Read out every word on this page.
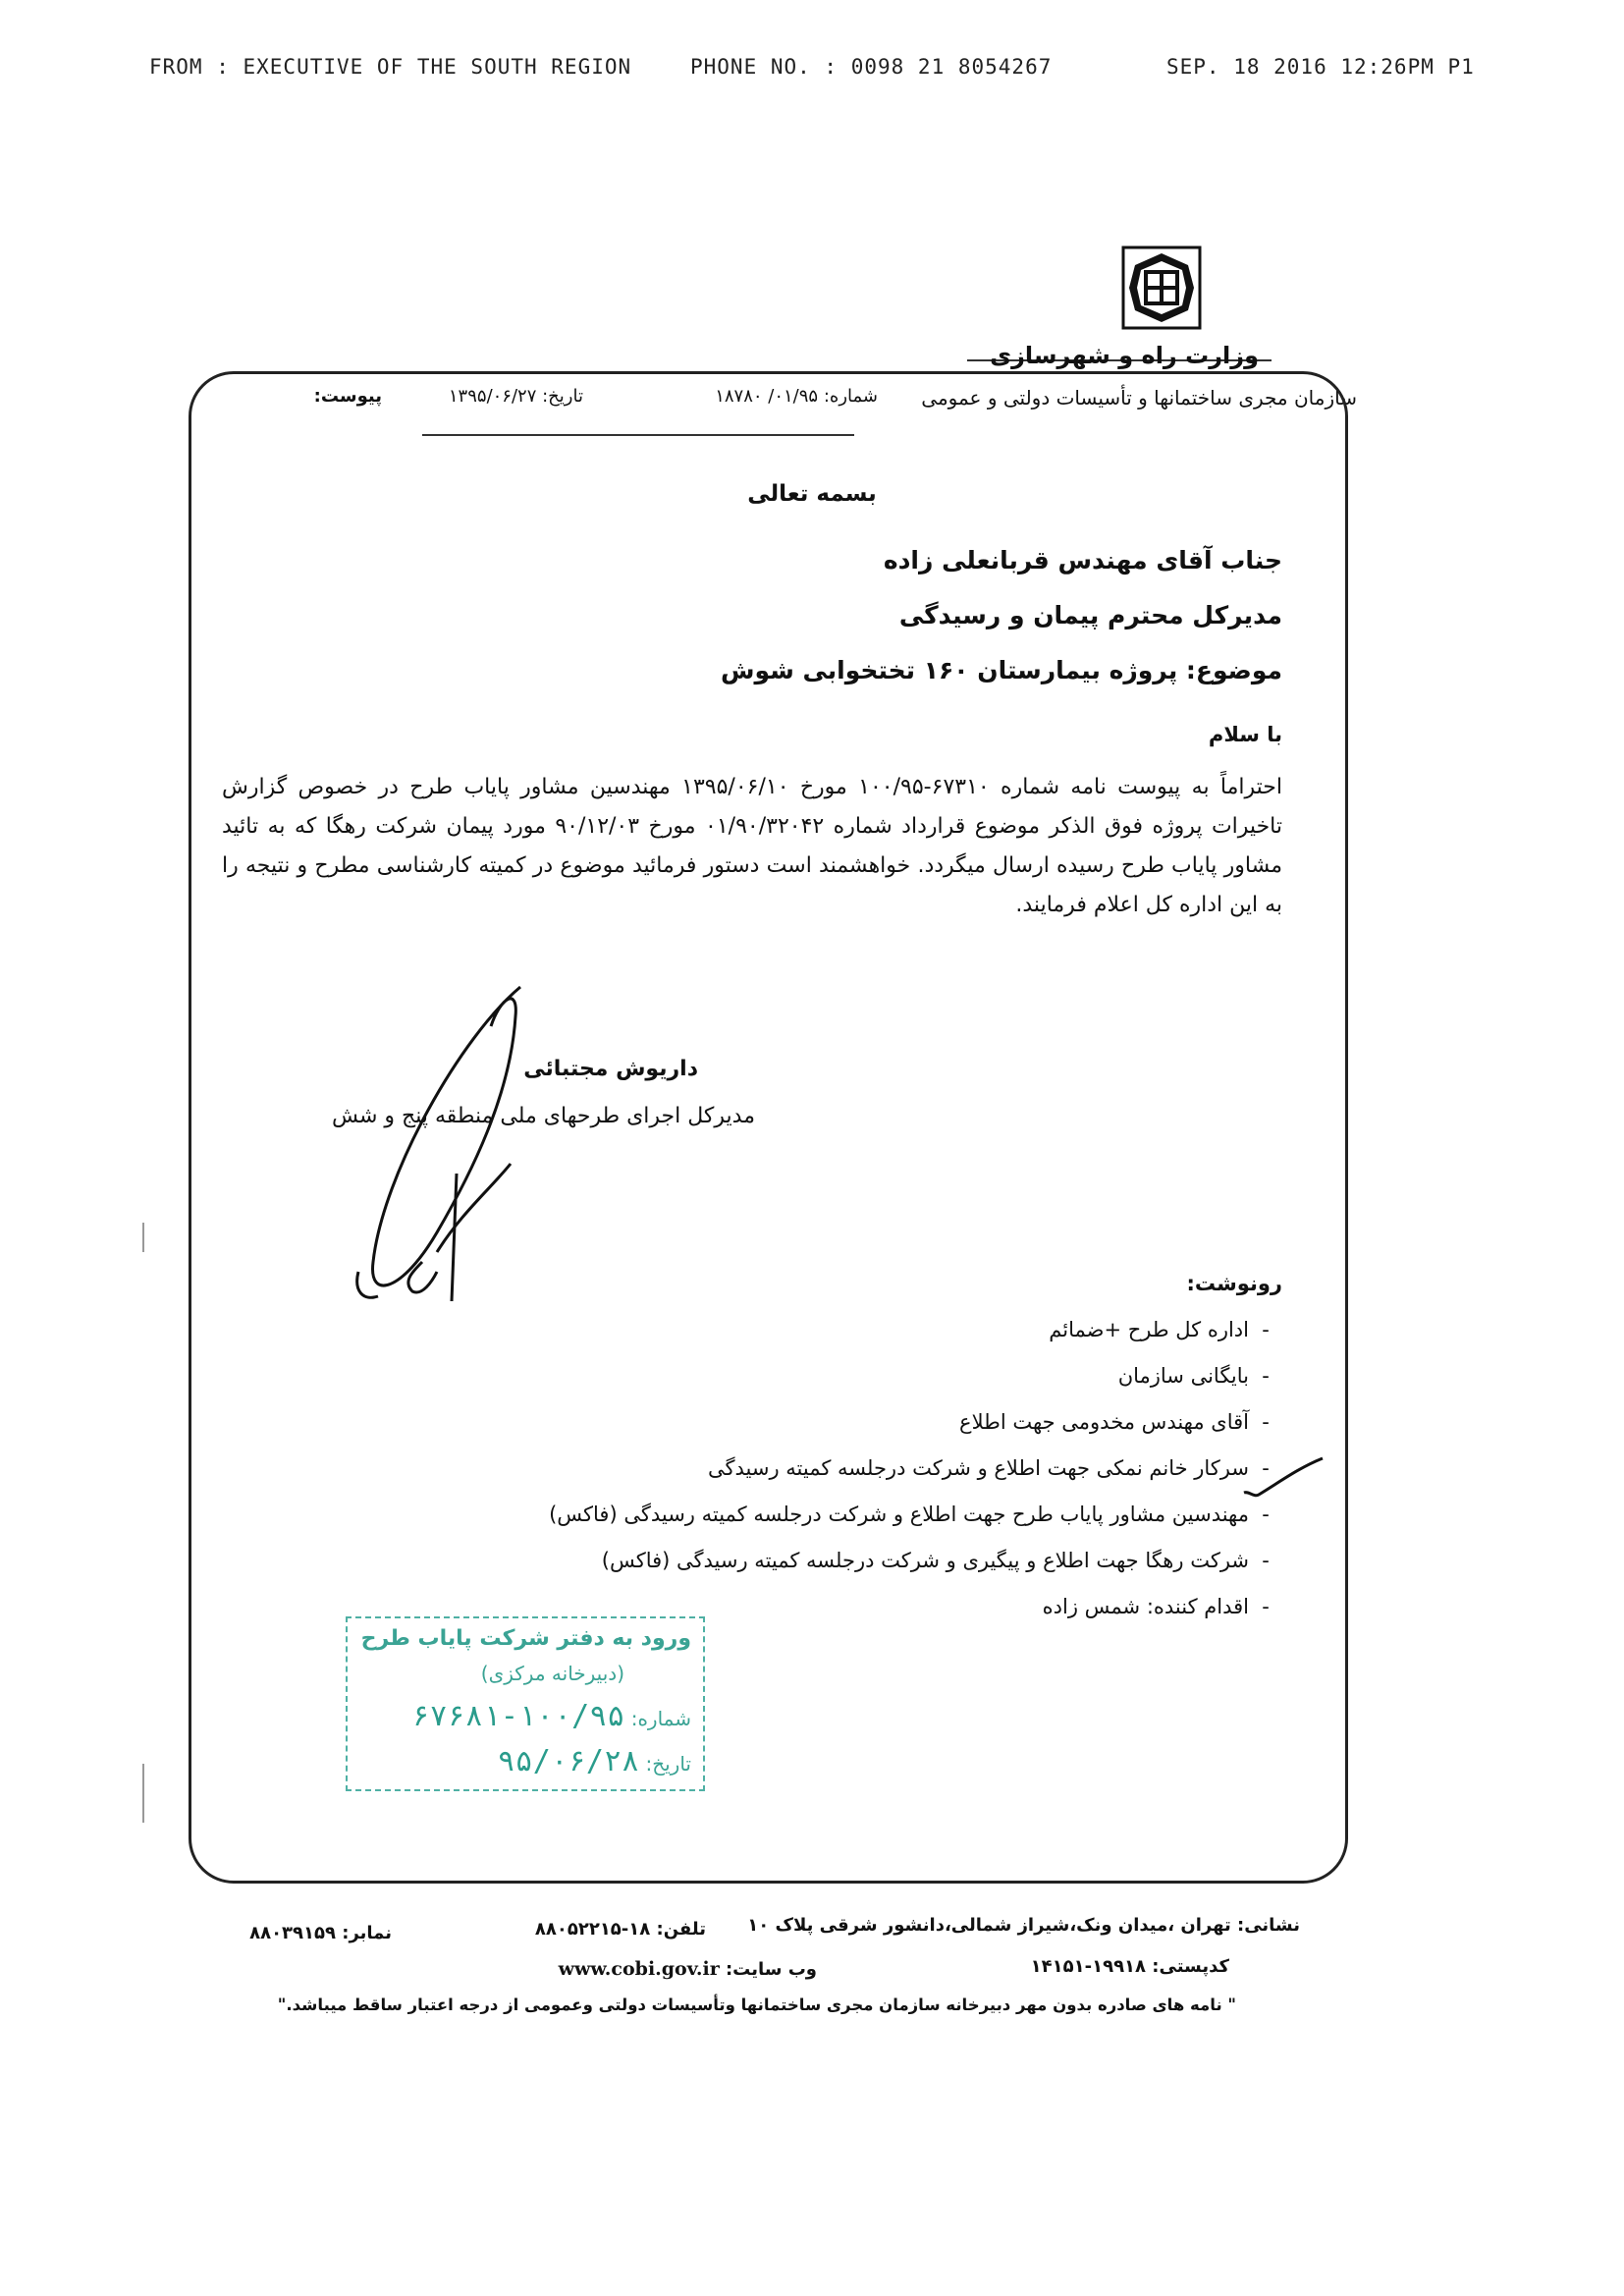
FROM : EXECUTIVE OF THE SOUTH REGION	PHONE NO. : 0098 21 8054267	SEP. 18 2016 12:26PM P1
وزارت راه و شهرسازی
سازمان مجری ساختمانها و تأسیسات دولتی و عمومی
شماره: ۰۱/۹۵/ ۱۸۷۸۰
تاریخ: ۱۳۹۵/۰۶/۲۷
پیوست:
بسمه تعالی
جناب آقای مهندس قربانعلی زاده
مدیرکل محترم پیمان و رسیدگی
موضوع: پروژه بیمارستان ۱۶۰ تختخوابی شوش
با سلام
احتراماً به پیوست نامه شماره ۶۷۳۱۰-۱۰۰/۹۵ مورخ ۱۳۹۵/۰۶/۱۰ مهندسین مشاور پایاب طرح در خصوص گزارش تاخیرات پروژه فوق الذکر موضوع قرارداد شماره ۰۱/۹۰/۳۲۰۴۲ مورخ ۹۰/۱۲/۰۳ مورد پیمان شرکت رهگا که به تائید مشاور پایاب طرح رسیده ارسال میگردد. خواهشمند است دستور فرمائید موضوع در کمیته کارشناسی مطرح و نتیجه را به این اداره کل اعلام فرمایند.
داریوش مجتبائی
مدیرکل اجرای طرحهای ملی منطقه پنج و شش
رونوشت:
-اداره کل طرح +ضمائم
-بایگانی سازمان
-آقای مهندس مخدومی جهت اطلاع
-سرکار خانم نمکی جهت اطلاع و شرکت درجلسه کمیته رسیدگی
-مهندسین مشاور پایاب طرح جهت اطلاع و شرکت درجلسه کمیته رسیدگی (فاکس)
-شرکت رهگا جهت اطلاع و پیگیری و شرکت درجلسه کمیته رسیدگی (فاکس)
-اقدام کننده: شمس زاده
ورود به دفتر شرکت پایاب طرح
(دبیرخانه مرکزی)
شماره: ۱۰۰/۹۵-۶۷۶۸۱
تاریخ: ۹۵/۰۶/۲۸
نشانی: تهران ،میدان ونک،شیراز شمالی،دانشور شرقی پلاک ۱۰
تلفن: ۱۸-۸۸۰۵۲۲۱۵
نمابر: ۸۸۰۳۹۱۵۹
کدپستی: ۱۹۹۱۸-۱۴۱۵۱
وب سایت: www.cobi.gov.ir
" نامه های صادره بدون مهر دبیرخانه سازمان مجری ساختمانها وتأسیسات دولتی وعمومی از درجه اعتبار ساقط میباشد."
